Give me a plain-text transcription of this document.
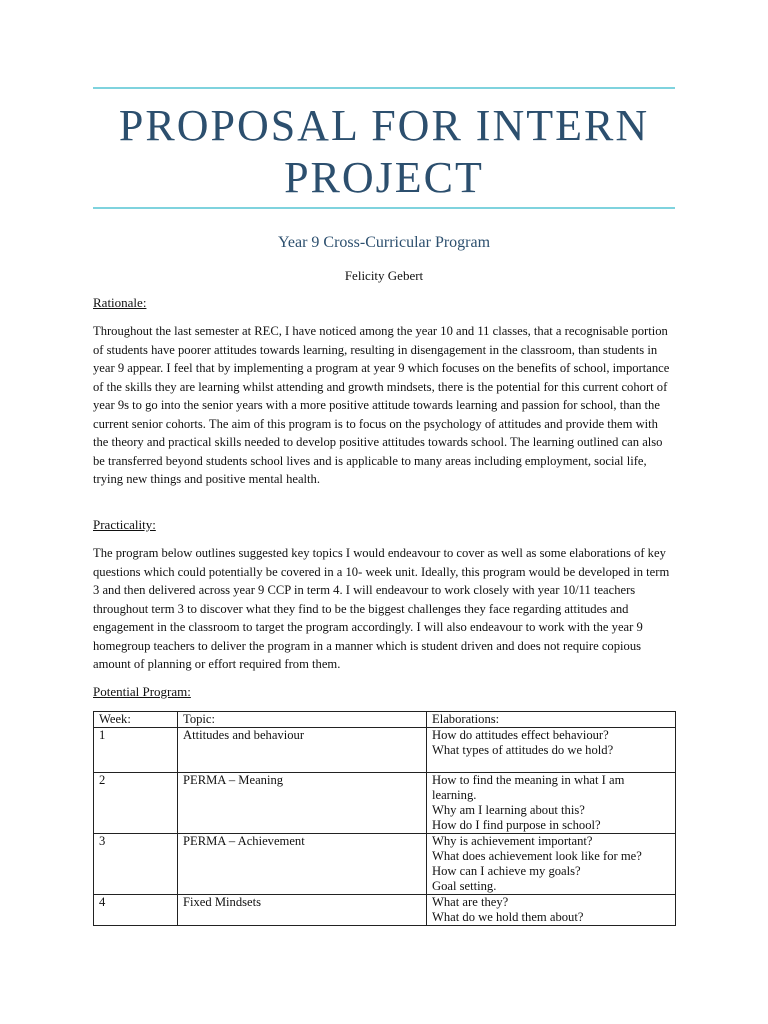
PROPOSAL FOR INTERN PROJECT
Year 9 Cross-Curricular Program
Felicity Gebert
Rationale:
Throughout the last semester at REC, I have noticed among the year 10 and 11 classes, that a recognisable portion of students have poorer attitudes towards learning, resulting in disengagement in the classroom, than students in year 9 appear. I feel that by implementing a program at year 9 which focuses on the benefits of school, importance of the skills they are learning whilst attending and growth mindsets, there is the potential for this current cohort of year 9s to go into the senior years with a more positive attitude towards learning and passion for school, than the current senior cohorts. The aim of this program is to focus on the psychology of attitudes and provide them with the theory and practical skills needed to develop positive attitudes towards school. The learning outlined can also be transferred beyond students school lives and is applicable to many areas including employment, social life, trying new things and positive mental health.
Practicality:
The program below outlines suggested key topics I would endeavour to cover as well as some elaborations of key questions which could potentially be covered in a 10- week unit. Ideally, this program would be developed in term 3 and then delivered across year 9 CCP in term 4. I will endeavour to work closely with year 10/11 teachers throughout term 3 to discover what they find to be the biggest challenges they face regarding attitudes and engagement in the classroom to target the program accordingly. I will also endeavour to work with the year 9 homegroup teachers to deliver the program in a manner which is student driven and does not require copious amount of planning or effort required from them.
Potential Program:
Week:	Topic:	Elaborations:
1	Attitudes and behaviour	How do attitudes effect behaviour?
What types of attitudes do we hold?

2	PERMA – Meaning	How to find the meaning in what I am learning.
Why am I learning about this?
How do I find purpose in school?

3	PERMA – Achievement	Why is achievement important?
What does achievement look like for me?
How can I achieve my goals?
Goal setting.

4	Fixed Mindsets	What are they?
What do we hold them about?
